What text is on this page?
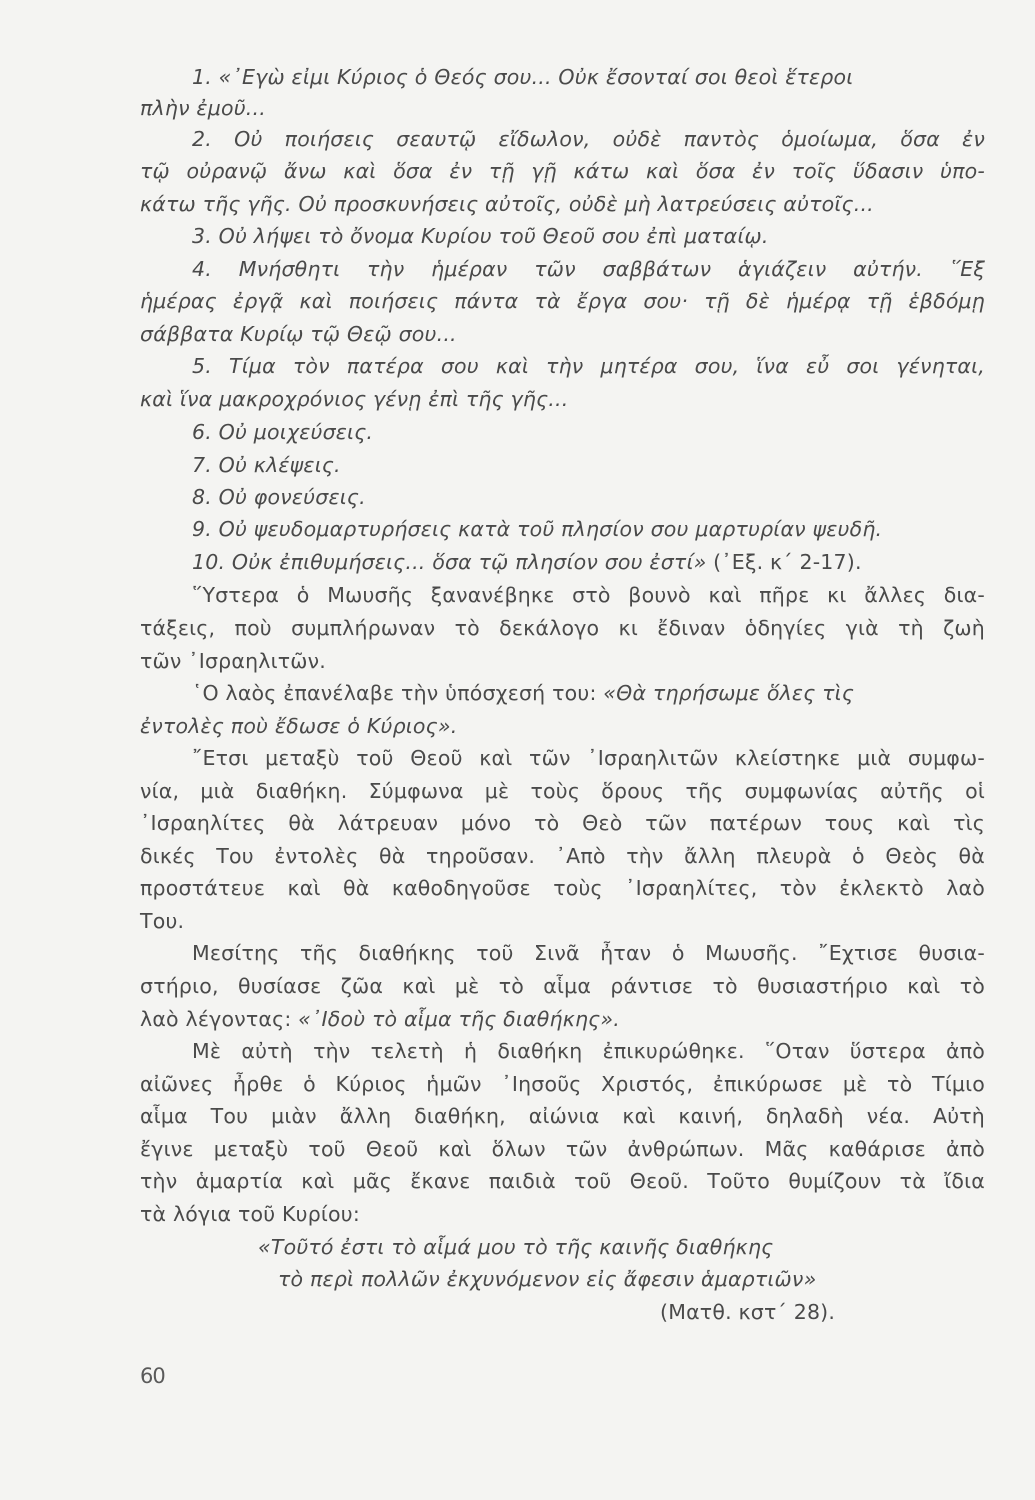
1. «᾿Εγὼ εἰμι Κύριος ὁ Θεός σου... Οὐκ ἔσονταί σοι θεοὶ ἕτεροι
πλὴν ἐμοῦ...
2. Οὐ ποιήσεις σεαυτῷ εἴδωλον, οὐδὲ παντὸς ὁμοίωμα, ὅσα ἐν
τῷ οὐρανῷ ἄνω καὶ ὅσα ἐν τῇ γῇ κάτω καὶ ὅσα ἐν τοῖς ὕδασιν ὑπο-
κάτω τῆς γῆς. Οὐ προσκυνήσεις αὐτοῖς, οὐδὲ μὴ λατρεύσεις αὐτοῖς...
3. Οὐ λήψει τὸ ὄνομα Κυρίου τοῦ Θεοῦ σου ἐπὶ ματαίῳ.
4. Μνήσθητι τὴν ἡμέραν τῶν σαββάτων ἁγιάζειν αὐτήν. ῞Εξ
ἡμέρας ἐργᾷ καὶ ποιήσεις πάντα τὰ ἔργα σου· τῇ δὲ ἡμέρᾳ τῇ ἑβδόμῃ
σάββατα Κυρίῳ τῷ Θεῷ σου...
5. Τίμα τὸν πατέρα σου καὶ τὴν μητέρα σου, ἵνα εὖ σοι γένηται,
καὶ ἵνα μακροχρόνιος γένῃ ἐπὶ τῆς γῆς...
6. Οὐ μοιχεύσεις.
7. Οὐ κλέψεις.
8. Οὐ φονεύσεις.
9. Οὐ ψευδομαρτυρήσεις κατὰ τοῦ πλησίον σου μαρτυρίαν ψευδῆ.
10. Οὐκ ἐπιθυμήσεις... ὅσα τῷ πλησίον σου ἐστί» (᾿Εξ. κ΄ 2-17).
῞Υστερα ὁ Μωυσῆς ξανανέβηκε στὸ βουνὸ καὶ πῆρε κι ἄλλες δια-
τάξεις, ποὺ συμπλήρωναν τὸ δεκάλογο κι ἔδιναν ὁδηγίες γιὰ τὴ ζωὴ
τῶν ᾿Ισραηλιτῶν.
῾Ο λαὸς ἐπανέλαβε τὴν ὑπόσχεσή του: «Θὰ τηρήσωμε ὅλες τὶς
ἐντολὲς ποὺ ἔδωσε ὁ Κύριος».
῎Ετσι μεταξὺ τοῦ Θεοῦ καὶ τῶν ᾿Ισραηλιτῶν κλείστηκε μιὰ συμφω-
νία, μιὰ διαθήκη. Σύμφωνα μὲ τοὺς ὅρους τῆς συμφωνίας αὐτῆς οἱ
᾿Ισραηλίτες θὰ λάτρευαν μόνο τὸ Θεὸ τῶν πατέρων τους καὶ τὶς
δικές Του ἐντολὲς θὰ τηροῦσαν. ᾿Απὸ τὴν ἄλλη πλευρὰ ὁ Θεὸς θὰ
προστάτευε καὶ θὰ καθοδηγοῦσε τοὺς ᾿Ισραηλίτες, τὸν ἐκλεκτὸ λαὸ
Του.
Μεσίτης τῆς διαθήκης τοῦ Σινᾶ ἦταν ὁ Μωυσῆς. ῎Εχτισε θυσια-
στήριο, θυσίασε ζῶα καὶ μὲ τὸ αἷμα ράντισε τὸ θυσιαστήριο καὶ τὸ
λαὸ λέγοντας: «᾿Ιδοὺ τὸ αἷμα τῆς διαθήκης».
Μὲ αὐτὴ τὴν τελετὴ ἡ διαθήκη ἐπικυρώθηκε. ῞Οταν ὕστερα ἀπὸ
αἰῶνες ἦρθε ὁ Κύριος ἡμῶν ᾿Ιησοῦς Χριστός, ἐπικύρωσε μὲ τὸ Τίμιο
αἷμα Του μιὰν ἄλλη διαθήκη, αἰώνια καὶ καινή, δηλαδὴ νέα. Αὐτὴ
ἔγινε μεταξὺ τοῦ Θεοῦ καὶ ὅλων τῶν ἀνθρώπων. Μᾶς καθάρισε ἀπὸ
τὴν ἁμαρτία καὶ μᾶς ἔκανε παιδιὰ τοῦ Θεοῦ. Τοῦτο θυμίζουν τὰ ἴδια
τὰ λόγια τοῦ Κυρίου:
«Τοῦτό ἐστι τὸ αἷμά μου τὸ τῆς καινῆς διαθήκης
τὸ περὶ πολλῶν ἐκχυνόμενον εἰς ἄφεσιν ἁμαρτιῶν»
(Ματθ. κστ΄ 28).
60
